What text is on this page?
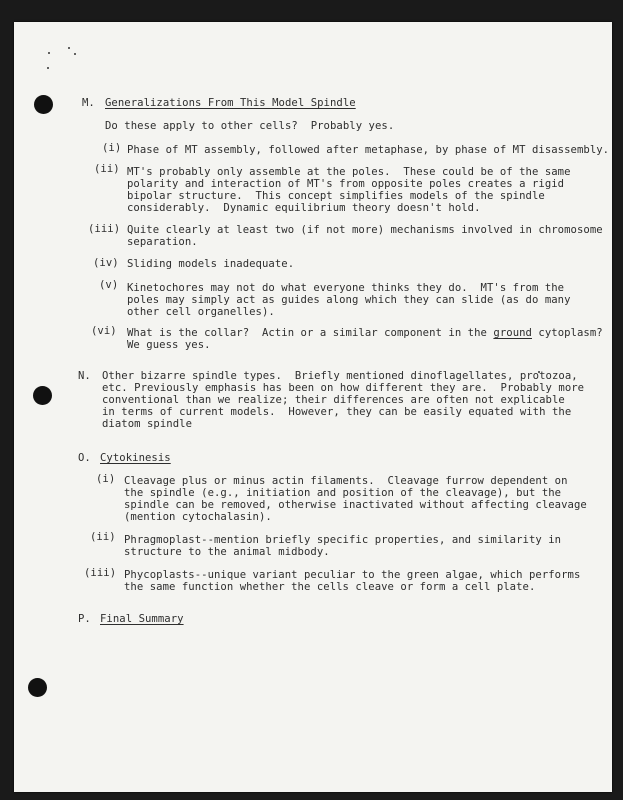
M. Generalizations From This Model Spindle
Do these apply to other cells?  Probably yes.
(i) Phase of MT assembly, followed after metaphase, by phase of MT disassembly.
(ii) MT's probably only assemble at the poles.  These could be of the same
polarity and interaction of MT's from opposite poles creates a rigid
bipolar structure.  This concept simplifies models of the spindle
considerably.  Dynamic equilibrium theory doesn't hold.
(iii) Quite clearly at least two (if not more) mechanisms involved in chromosome
separation.
(iv) Sliding models inadequate.
(v) Kinetochores may not do what everyone thinks they do.  MT's from the
poles may simply act as guides along which they can slide (as do many
other cell organelles).
(vi) What is the collar?  Actin or a similar component in the ground cytoplasm?
We guess yes.
N. Other bizarre spindle types.  Briefly mentioned dinoflagellates, protozoa,
etc. Previously emphasis has been on how different they are.  Probably more
conventional than we realize; their differences are often not explicable
in terms of current models.  However, they can be easily equated with the
diatom spindle
O. Cytokinesis
(i) Cleavage plus or minus actin filaments.  Cleavage furrow dependent on
the spindle (e.g., initiation and position of the cleavage), but the
spindle can be removed, otherwise inactivated without affecting cleavage
(mention cytochalasin).
(ii) Phragmoplast--mention briefly specific properties, and similarity in
structure to the animal midbody.
(iii) Phycoplasts--unique variant peculiar to the green algae, which performs
the same function whether the cells cleave or form a cell plate.
P. Final Summary
